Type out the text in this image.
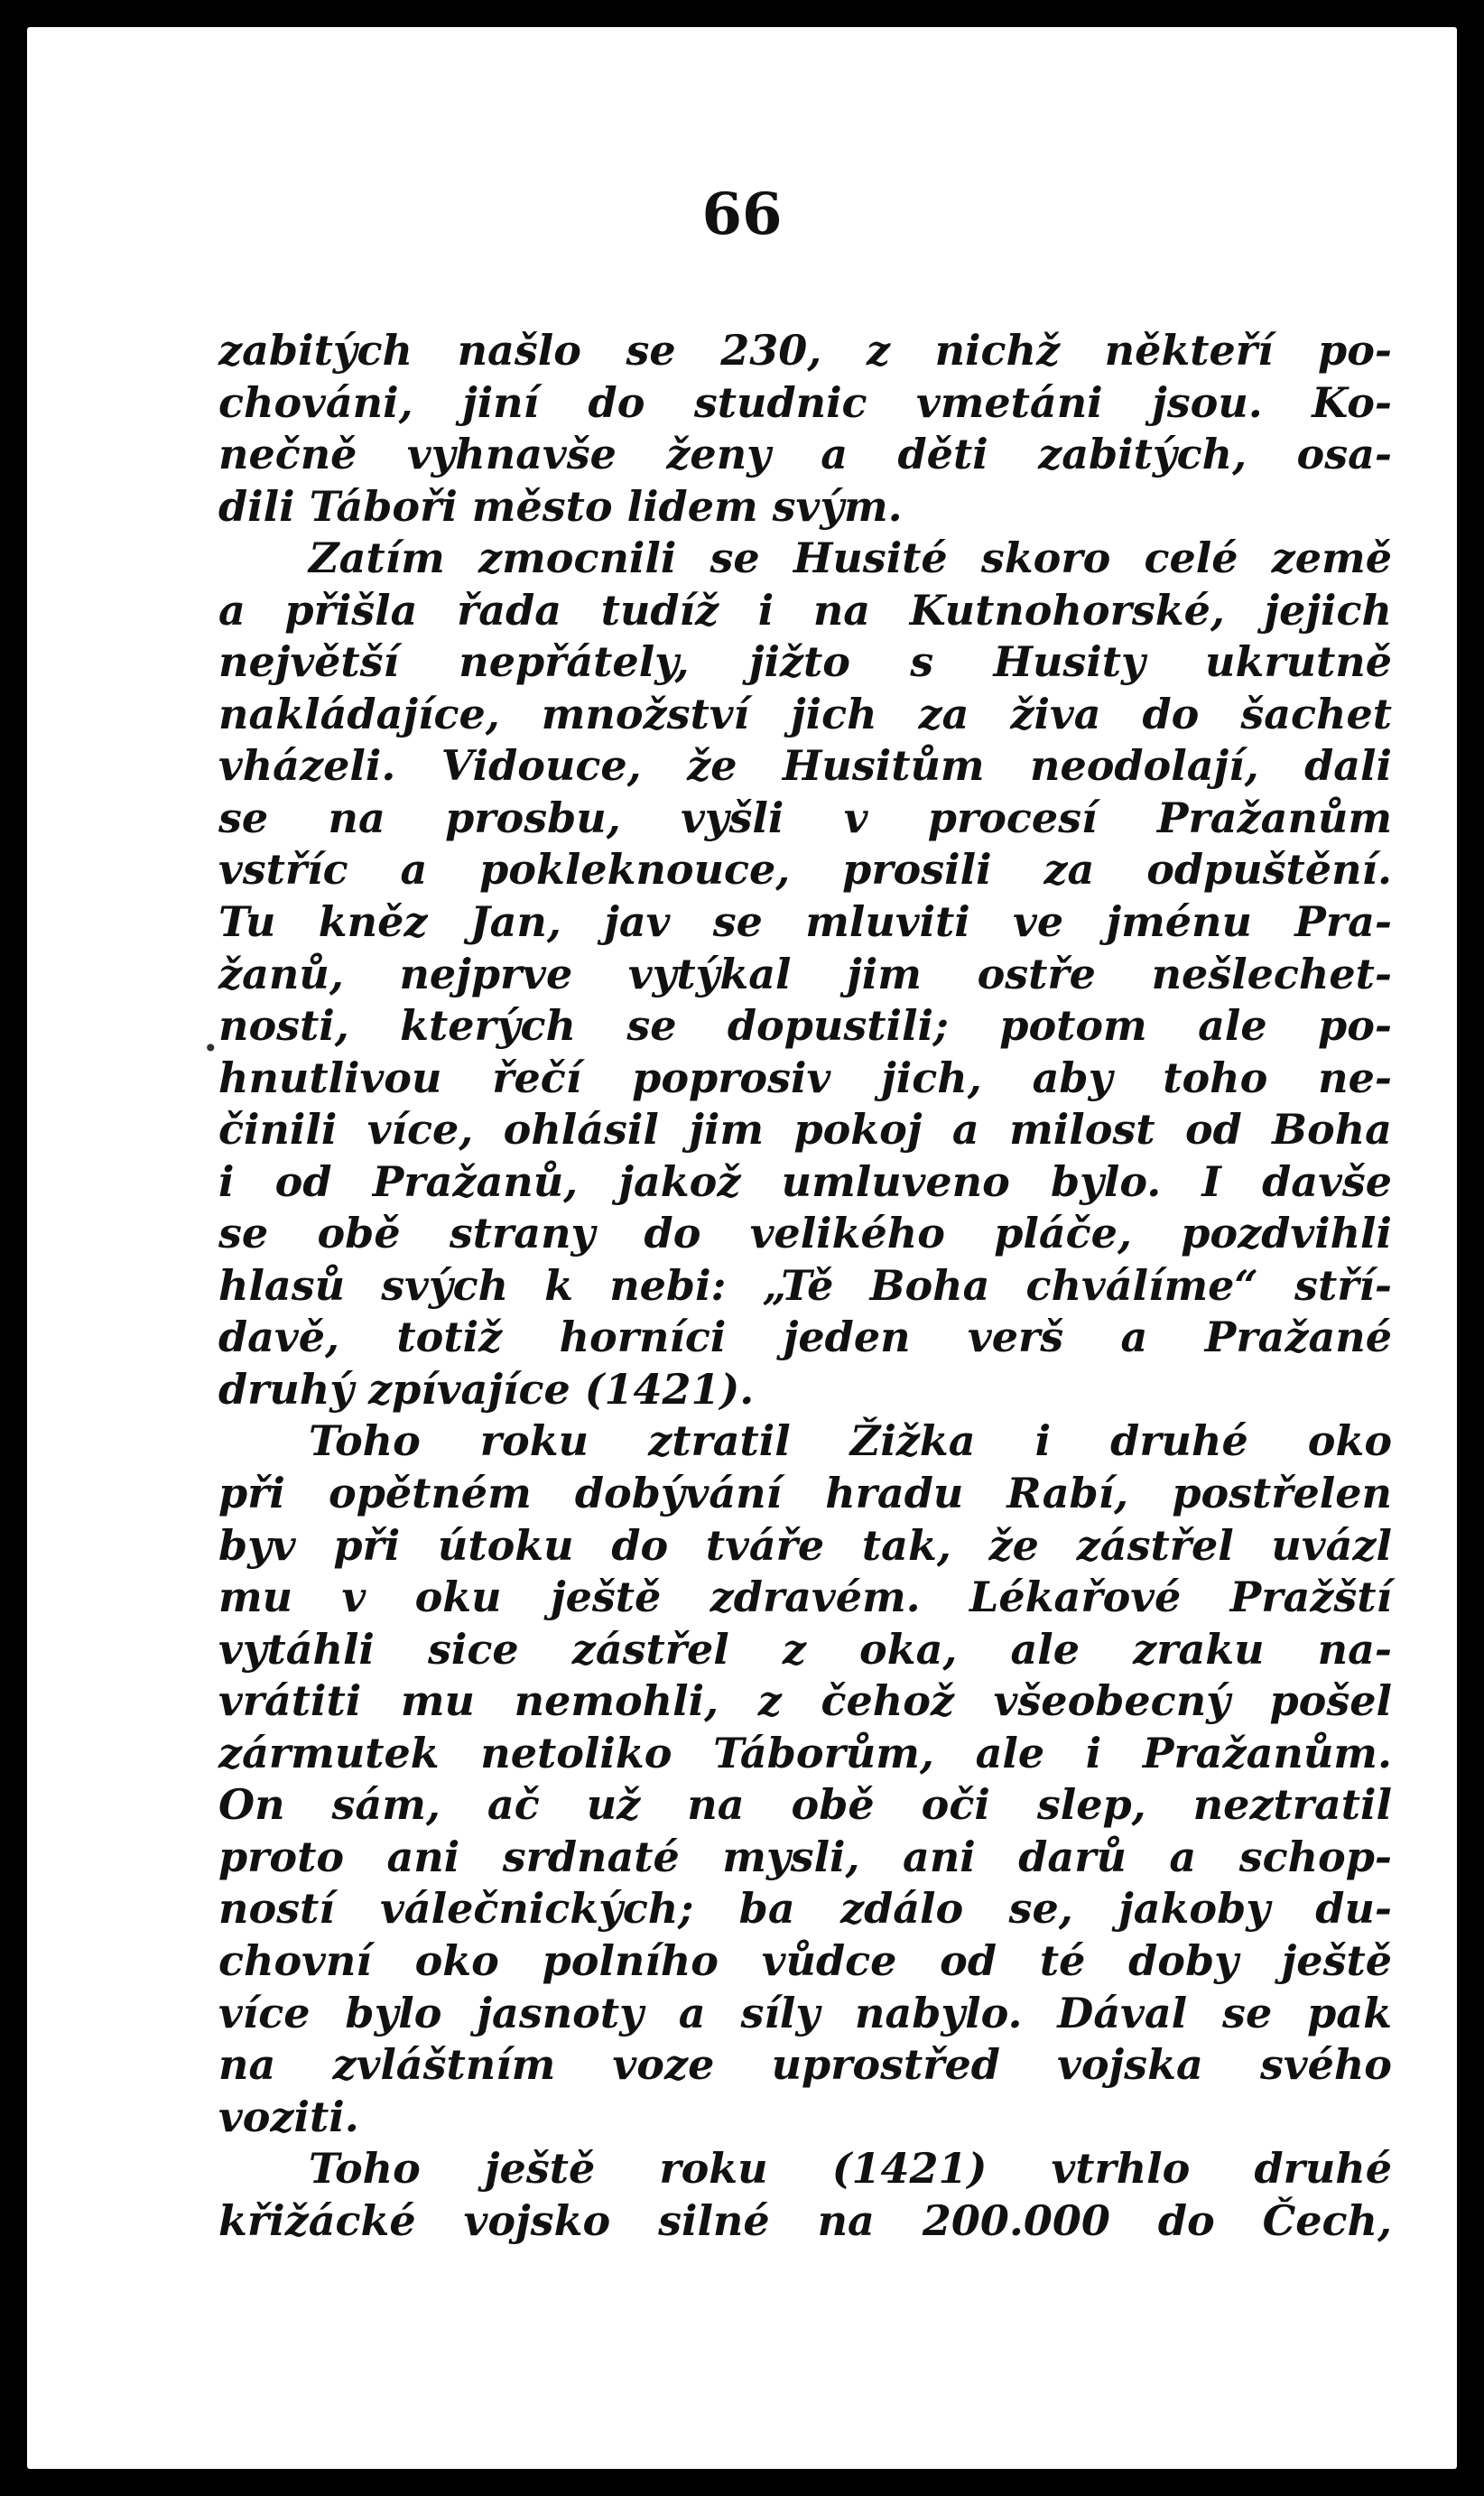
66
zabitých našlo se 230, z nichž někteří po-
chováni, jiní do studnic vmetáni jsou. Ko-
nečně vyhnavše ženy a děti zabitých, osa-
dili Táboři město lidem svým.
Zatím zmocnili se Husité skoro celé země
a přišla řada tudíž i na Kutnohorské, jejich
největší nepřátely, jižto s Husity ukrutně
nakládajíce, množství jich za živa do šachet
vházeli. Vidouce, že Husitům neodolají, dali
se na prosbu, vyšli v procesí Pražanům
vstříc a pokleknouce, prosili za odpuštění.
Tu kněz Jan, jav se mluviti ve jménu Pra-
žanů, nejprve vytýkal jim ostře nešlechet-
nosti, kterých se dopustili; potom ale po-
hnutlivou řečí poprosiv jich, aby toho ne-
činili více, ohlásil jim pokoj a milost od Boha
i od Pražanů, jakož umluveno bylo. I davše
se obě strany do velikého pláče, pozdvihli
hlasů svých k nebi: „Tě Boha chválíme“ stří-
davě, totiž horníci jeden verš a Pražané
druhý zpívajíce (1421).
Toho roku ztratil Žižka i druhé oko
při opětném dobývání hradu Rabí, postřelen
byv při útoku do tváře tak, že zástřel uvázl
mu v oku ještě zdravém. Lékařové Pražští
vytáhli sice zástřel z oka, ale zraku na-
vrátiti mu nemohli, z čehož všeobecný pošel
zármutek netoliko Táborům, ale i Pražanům.
On sám, ač už na obě oči slep, neztratil
proto ani srdnaté mysli, ani darů a schop-
ností válečnických; ba zdálo se, jakoby du-
chovní oko polního vůdce od té doby ještě
více bylo jasnoty a síly nabylo. Dával se pak
na zvláštním voze uprostřed vojska svého
voziti.
Toho ještě roku (1421) vtrhlo druhé
křižácké vojsko silné na 200.000 do Čech,
•
